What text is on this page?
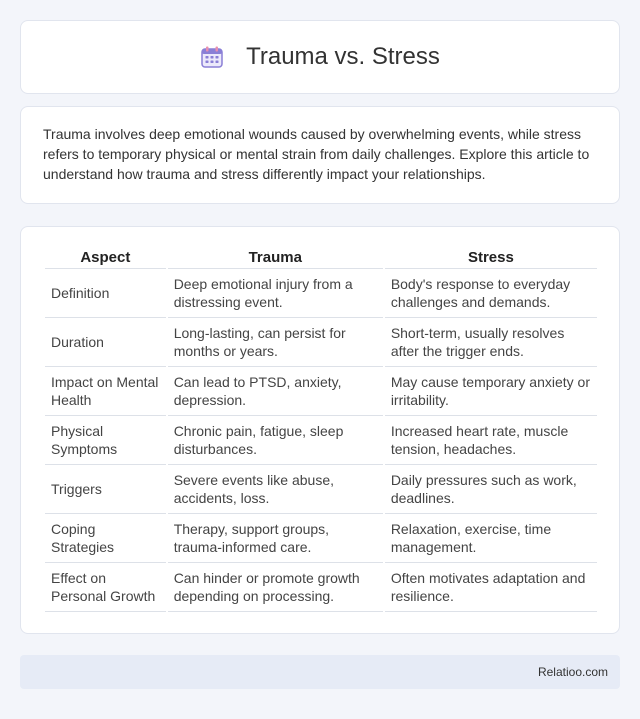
Trauma vs. Stress

Trauma involves deep emotional wounds caused by overwhelming events, while stress refers to temporary physical or mental strain from daily challenges. Explore this article to understand how trauma and stress differently impact your relationships.

Aspect	Trauma	Stress
Definition	Deep emotional injury from a distressing event.	Body's response to everyday challenges and demands.
Duration	Long-lasting, can persist for months or years.	Short-term, usually resolves after the trigger ends.
Impact on Mental Health	Can lead to PTSD, anxiety, depression.	May cause temporary anxiety or irritability.
Physical Symptoms	Chronic pain, fatigue, sleep disturbances.	Increased heart rate, muscle tension, headaches.
Triggers	Severe events like abuse, accidents, loss.	Daily pressures such as work, deadlines.
Coping Strategies	Therapy, support groups, trauma-informed care.	Relaxation, exercise, time management.
Effect on Personal Growth	Can hinder or promote growth depending on processing.	Often motivates adaptation and resilience.
Relatioo.com
